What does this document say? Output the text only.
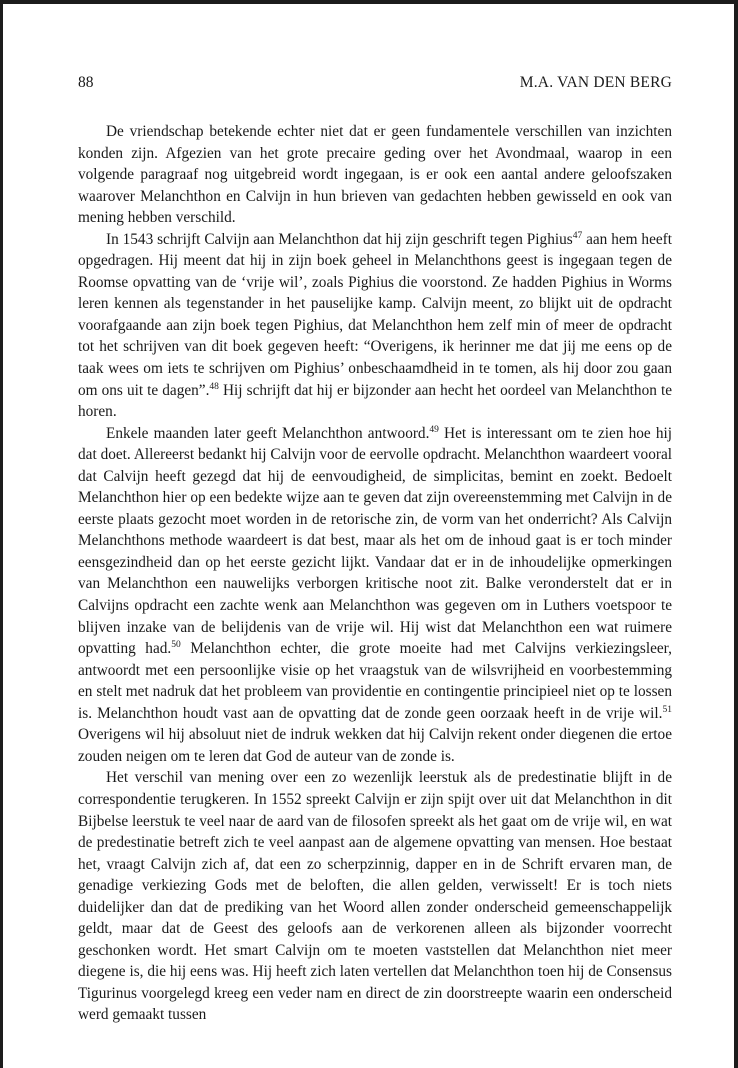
88	M.A. VAN DEN BERG

De vriendschap betekende echter niet dat er geen fundamentele verschillen van inzichten konden zijn. Afgezien van het grote precaire geding over het Avondmaal, waarop in een volgende paragraaf nog uitgebreid wordt ingegaan, is er ook een aantal andere geloofszaken waarover Melanchthon en Calvijn in hun brieven van gedachten hebben gewisseld en ook van mening hebben verschild.

In 1543 schrijft Calvijn aan Melanchthon dat hij zijn geschrift tegen Pighius$^{47}$ aan hem heeft opgedragen. Hij meent dat hij in zijn boek geheel in Melanchthons geest is ingegaan tegen de Roomse opvatting van de ‘vrije wil’, zoals Pighius die voorstond. Ze hadden Pighius in Worms leren kennen als tegenstander in het pauselijke kamp. Calvijn meent, zo blijkt uit de opdracht voorafgaande aan zijn boek tegen Pighius, dat Melanchthon hem zelf min of meer de opdracht tot het schrijven van dit boek gegeven heeft: “Overigens, ik herinner me dat jij me eens op de taak wees om iets te schrijven om Pighius’ onbeschaamdheid in te tomen, als hij door zou gaan om ons uit te dagen”.$^{48}$ Hij schrijft dat hij er bijzonder aan hecht het oordeel van Melanchthon te horen.

Enkele maanden later geeft Melanchthon antwoord.$^{49}$ Het is interessant om te zien hoe hij dat doet. Allereerst bedankt hij Calvijn voor de eervolle opdracht. Melanchthon waardeert vooral dat Calvijn heeft gezegd dat hij de eenvoudigheid, de simplicitas, bemint en zoekt. Bedoelt Melanchthon hier op een bedekte wijze aan te geven dat zijn overeenstemming met Calvijn in de eerste plaats gezocht moet worden in de retorische zin, de vorm van het onderricht? Als Calvijn Melanchthons methode waardeert is dat best, maar als het om de inhoud gaat is er toch minder eensgezindheid dan op het eerste gezicht lijkt. Vandaar dat er in de inhoudelijke opmerkingen van Melanchthon een nauwelijks verborgen kritische noot zit. Balke veronderstelt dat er in Calvijns opdracht een zachte wenk aan Melanchthon was gegeven om in Luthers voetspoor te blijven inzake van de belijdenis van de vrije wil. Hij wist dat Melanchthon een wat ruimere opvatting had.$^{50}$ Melanchthon echter, die grote moeite had met Calvijns verkiezingsleer, antwoordt met een persoonlijke visie op het vraagstuk van de wilsvrijheid en voorbestemming en stelt met nadruk dat het probleem van providentie en contingentie principieel niet op te lossen is. Melanchthon houdt vast aan de opvatting dat de zonde geen oorzaak heeft in de vrije wil.$^{51}$ Overigens wil hij absoluut niet de indruk wekken dat hij Calvijn rekent onder diegenen die ertoe zouden neigen om te leren dat God de auteur van de zonde is.

Het verschil van mening over een zo wezenlijk leerstuk als de predestinatie blijft in de correspondentie terugkeren. In 1552 spreekt Calvijn er zijn spijt over uit dat Melanchthon in dit Bijbelse leerstuk te veel naar de aard van de filosofen spreekt als het gaat om de vrije wil, en wat de predestinatie betreft zich te veel aanpast aan de algemene opvatting van mensen. Hoe bestaat het, vraagt Calvijn zich af, dat een zo scherpzinnig, dapper en in de Schrift ervaren man, de genadige verkiezing Gods met de beloften, die allen gelden, verwisselt! Er is toch niets duidelijker dan dat de prediking van het Woord allen zonder onderscheid gemeenschappelijk geldt, maar dat de Geest des geloofs aan de verkorenen alleen als bijzonder voorrecht geschonken wordt. Het smart Calvijn om te moeten vaststellen dat Melanchthon niet meer diegene is, die hij eens was. Hij heeft zich laten vertellen dat Melanchthon toen hij de Consensus Tigurinus voorgelegd kreeg een veder nam en direct de zin doorstreepte waarin een onderscheid werd gemaakt tussen
